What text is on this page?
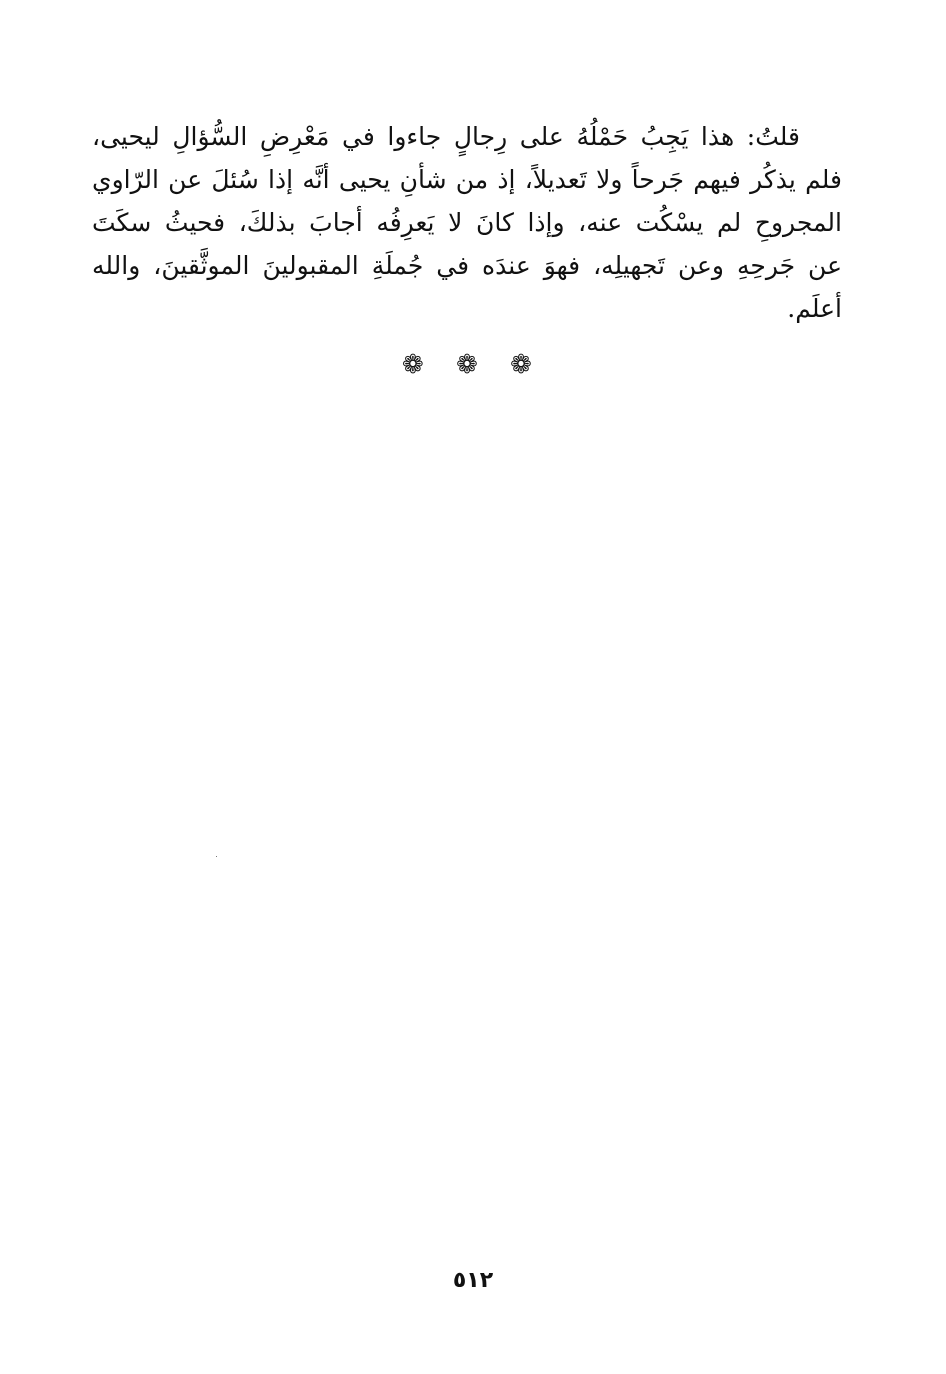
قلتُ: هذا يَجِبُ حَمْلُهُ على رِجالٍ جاءوا في مَعْرِضِ السُّؤالِ ليحيى،
فلم يذكُر فيهم جَرحاً ولا تَعديلاً، إذ من شأنِ يحيى أنَّه إذا سُئلَ عن الرّاوي
المجروحِ لم يسْكُت عنه، وإذا كانَ لا يَعرِفُه أجابَ بذلكَ، فحيثُ سكَتَ
عن جَرحِهِ وعن تَجهيلِه، فهوَ عندَه في جُملَةِ المقبولينَ الموثَّقينَ، والله
أعلَم.
❁ ❁ ❁
٥١٢
